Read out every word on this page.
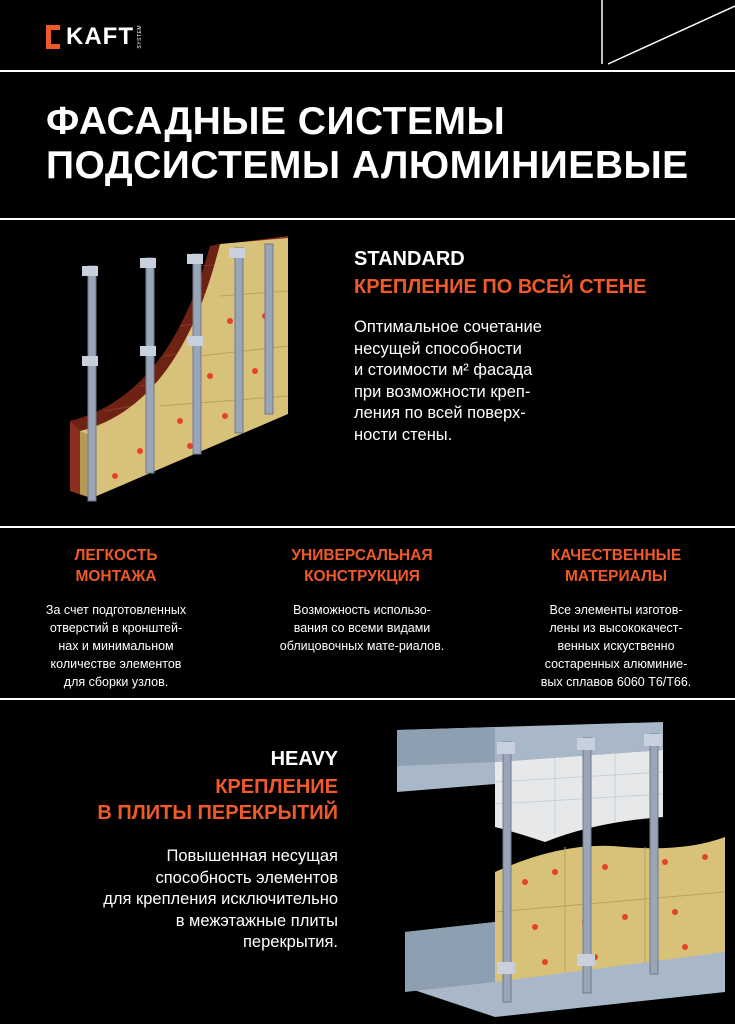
KAFT SYSTEM
ФАСАДНЫЕ СИСТЕМЫ
ПОДСИСТЕМЫ АЛЮМИНИЕВЫЕ
STANDARD
КРЕПЛЕНИЕ ПО ВСЕЙ СТЕНЕ
Оптимальное сочетание
несущей способности
и стоимости м² фасада
при возможности креп-
ления по всей поверх-
ности стены.
ЛЕГКОСТЬ
МОНТАЖА
За счет подготовленных
отверстий в кронштей-
нах и минимальном
количестве элементов
для сборки узлов.
УНИВЕРСАЛЬНАЯ
КОНСТРУКЦИЯ
Возможность использо-
вания со всеми видами
облицовочных мате-риалов.
КАЧЕСТВЕННЫЕ
МАТЕРИАЛЫ
Все элементы изготов-
лены из высококачест-
венных искуственно
состаренных алюминие-
вых сплавов 6060 Т6/Т66.
HEAVY
КРЕПЛЕНИЕ
В ПЛИТЫ ПЕРЕКРЫТИЙ
Повышенная несущая
способность элементов
для крепления исключительно
в межэтажные плиты
перекрытия.
